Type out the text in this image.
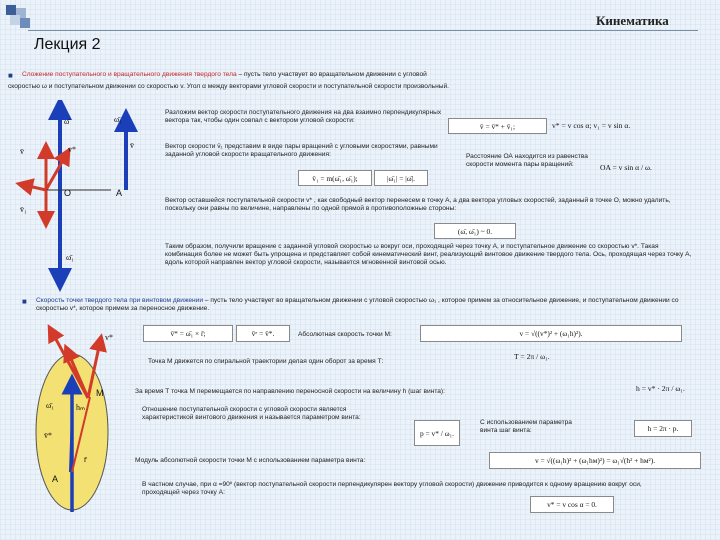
Кинематика
Лекция 2
■ Сложение поступательного и вращательного движения твердого тела – пусть тело участвует во вращательном движении с угловой
скоростью ω и поступательном движении со скоростью v. Угол α между векторами угловой скорости и поступательной скорости произвольный.
ω̄	ω̄₁
v̄	v*	v̄
O	A
v̄₁
ω̄₁
Разложим вектор скорости поступательного движения на два взаимно перпендикулярных вектора так, чтобы один совпал с вектором угловой скорости:
v̄ = v̄* + v̄₁;	v* = v cos α; v₁ = v sin α.
Вектор скорости v̄₁ представим в виде пары вращений с угловыми скоростями, равными заданной угловой скорости вращательного движения:
v̄₁ = m(ω̄₁, ω̄₁);	|ω̄₁| = |ω̄|.
Расстояние ОА находится из равенства скорости момента пары вращений:	OA = v sin α / ω.
Вектор оставшейся поступательной скорости v* , как свободный вектор перенесем в точку А, а два вектора угловых скоростей, заданный в точке О, можно удалить, поскольку они равны по величине, направлены по одной прямой в противоположные стороны:
(ω̄, ω̄₁) ~ 0.
Таким образом, получили вращение с заданной угловой скоростью ω вокруг оси, проходящей через точку А, и поступательное движение со скоростью v*. Такая комбинация более не может быть упрощена и представляет собой кинематический винт, реализующий винтовое движение твердого тела. Ось, проходящая через точку А, вдоль которой направлен вектор угловой скорости, называется мгновенной винтовой осью.
■ Скорость точки твердого тела при винтовом движении – пусть тело участвует во вращательном движении с угловой скоростью ω₁ , которое примем за относительное движение, и поступательном движении со скоростью v*, которое примем за переносное движение.
v*
M
ω̄₁	hₘ
v̄*
r̄
A
v̄* = ω̄₁ × r̄;	v̄ᵉ = v̄*.	Абсолютная скорость точки М:	v = √((v*)² + (ω₁h)²).
Точка М движется по спиральной траектории делая один оборот за время Т:
T = 2π / ω₁.
За время Т точка М перемещается по направлению переносной скорости на величину h (шаг винта):	h = v* · 2π / ω₁.
Отношение поступательной скорости с угловой скорости является характеристикой винтового движения и называется параметром винта:
p = v* / ω₁.
С использованием параметра винта шаг винта:	h = 2π · p.
Модуль абсолютной скорости точки М с использованием параметра винта:	v = √((ω₁h)² + (ω₁hм)²) = ω₁√(h² + hм²).
В частном случае, при α =90º (вектор поступательной скорости перпендикулярен вектору угловой скорости) движение приводится к одному вращению вокруг оси, проходящей через точку А:
v* = v cos α = 0.
